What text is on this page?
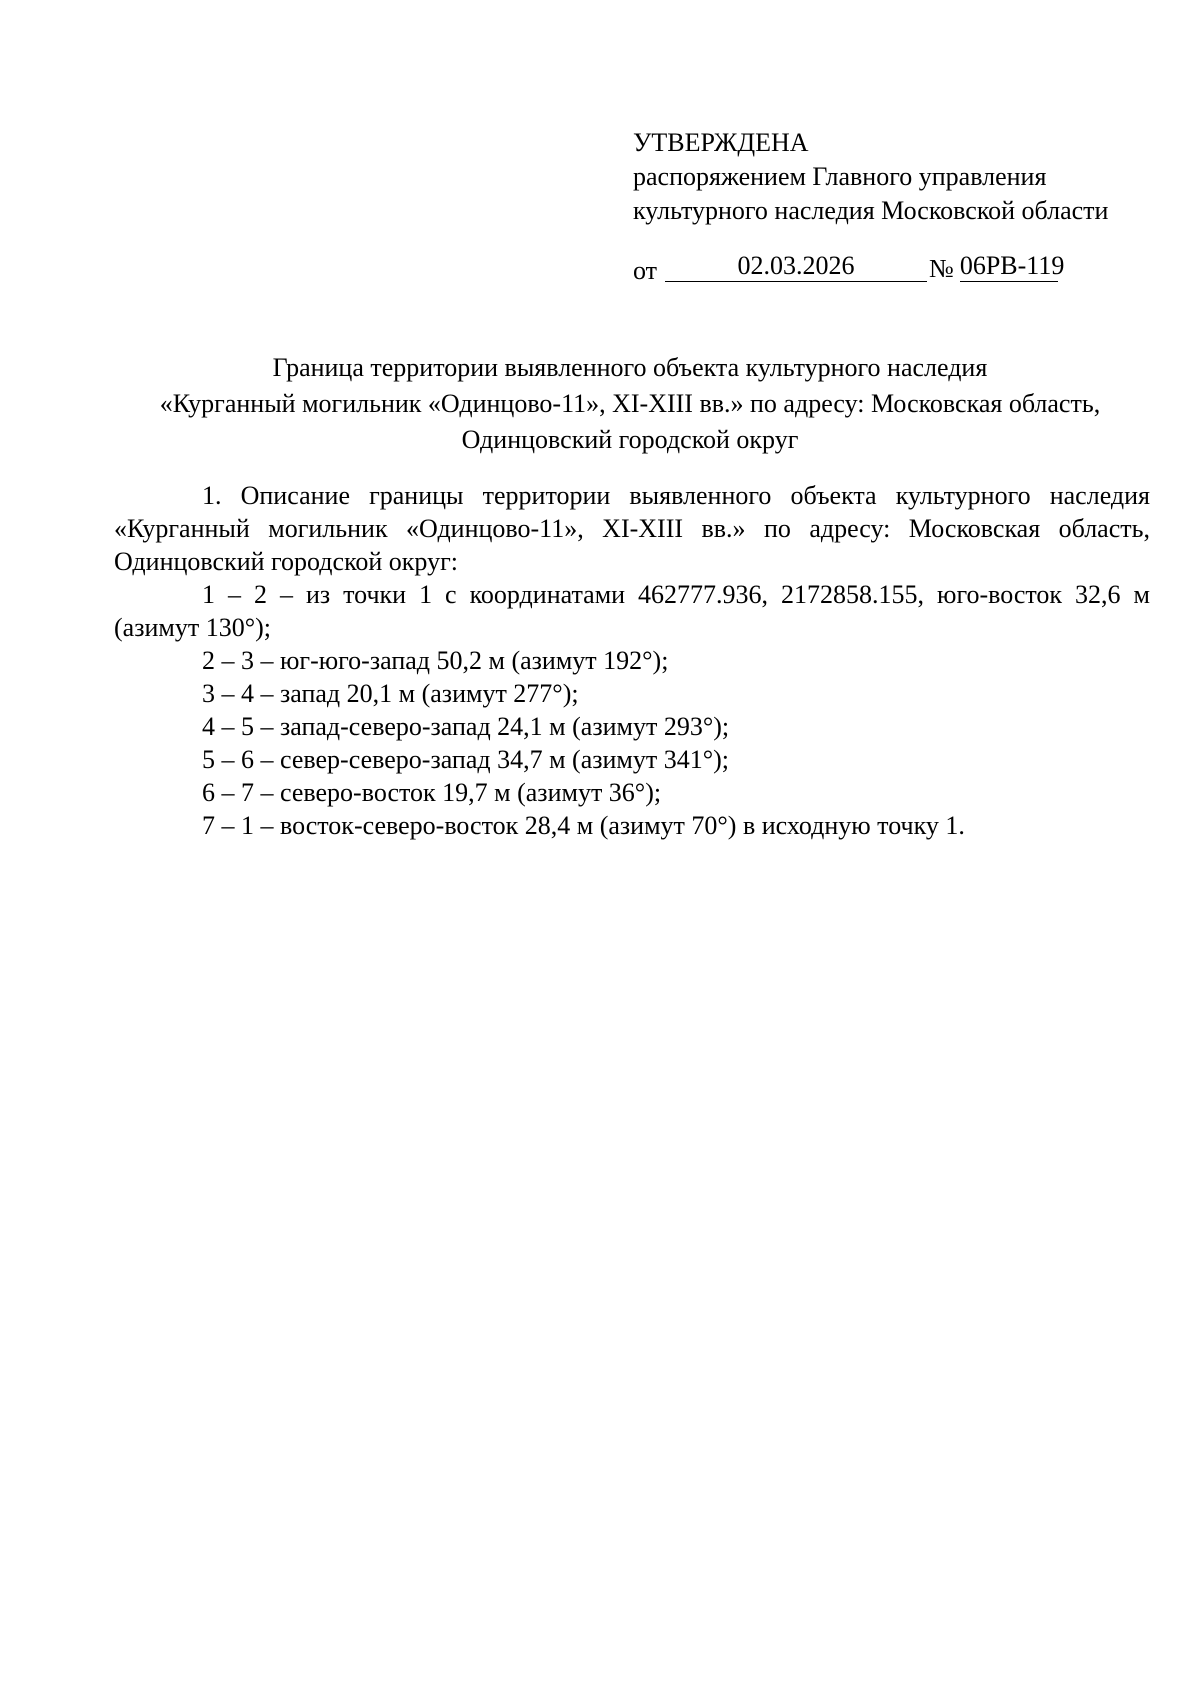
УТВЕРЖДЕНА
распоряжением Главного управления
культурного наследия Московской области
от	02.03.2026	№ 06РВ-119
Граница территории выявленного объекта культурного наследия
«Курганный могильник «Одинцово-11», XI-XIII вв.» по адресу: Московская область,
Одинцовский городской округ

1. Описание границы территории выявленного объекта культурного наследия «Курганный могильник «Одинцово-11», XI-XIII вв.» по адресу: Московская область, Одинцовский городской округ:

1 – 2 – из точки 1 с координатами 462777.936, 2172858.155, юго-восток 32,6 м (азимут 130°);

2 – 3 – юг-юго-запад 50,2 м (азимут 192°);

3 – 4 – запад 20,1 м (азимут 277°);

4 – 5 – запад-северо-запад 24,1 м (азимут 293°);

5 – 6 – север-северо-запад 34,7 м (азимут 341°);

6 – 7 – северо-восток 19,7 м (азимут 36°);

7 – 1 – восток-северо-восток 28,4 м (азимут 70°) в исходную точку 1.
